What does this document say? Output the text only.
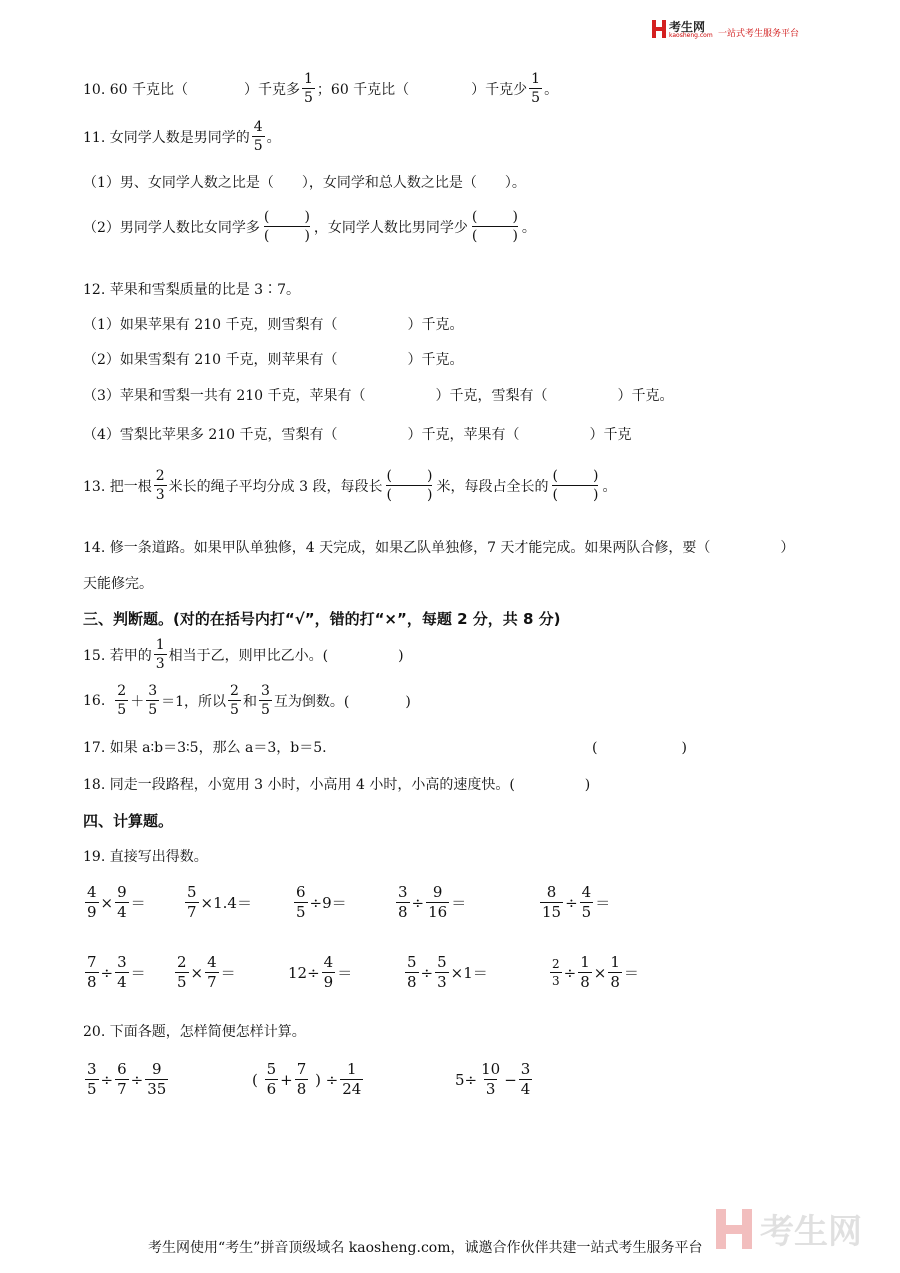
考生网
kaosheng.com 一站式考生服务平台
10. 60 千克比（	）千克多 $\frac{1}{5}$ ；60 千克比（	）千克少 $\frac{1}{5}$ 。
11. 女同学人数是男同学的 $\frac{4}{5}$ 。
（1）男、女同学人数之比是（　　），女同学和总人数之比是（　　）。
（2）男同学人数比女同学多
(	)
(	)
，女同学人数比男同学少
(	)
(	)
。
12. 苹果和雪梨质量的比是 3∶7。
（1）如果苹果有 210 千克，则雪梨有（　　　　　）千克。
（2）如果雪梨有 210 千克，则苹果有（　　　　　）千克。
（3）苹果和雪梨一共有 210 千克，苹果有（　　　　　）千克，雪梨有（　　　　　）千克。
（4）雪梨比苹果多 210 千克，雪梨有（　　　　　）千克，苹果有（　　　　　）千克
13. 把一根 $\frac{2}{3}$ 米长的绳子平均分成 3 段，每段长
(	)
(	)
米，每段占全长的
(	)
(	)
。
14. 修一条道路。如果甲队单独修，4 天完成，如果乙队单独修，7 天才能完成。如果两队合修，要（　　　　　）
天能修完。
三、判断题。(对的在括号内打“√”，错的打“×”，每题 2 分，共 8 分)
15. 若甲的 $\frac{1}{3}$ 相当于乙，则甲比乙小。(　　　　　)
16. $\frac{2}{5} + \frac{3}{5} =1$，所以 $\frac{2}{5}$ 和 $\frac{3}{5}$ 互为倒数。(　　　　)
17. 如果 a∶b＝3∶5，那么 a＝3，b＝5.	(　　　　　　)
18. 同走一段路程，小宽用 3 小时，小高用 4 小时，小高的速度快。(　　　　　)
四、计算题。
19. 直接写出得数。
$\frac{4}{9} \times \frac{9}{4}$ ＝	$\frac{5}{7} \times 1.4=$	$\frac{6}{5} \div 9=$	$\frac{3}{8} \div \frac{9}{16}$ ＝	$\frac{8}{15} \div \frac{4}{5}$ ＝
$\frac{7}{8} \div \frac{3}{4} = \frac{2}{5} \times \frac{4}{7}$ ＝	$12\div \frac{4}{9}$ ＝	$\frac{5}{8} \div \frac{5}{3} \times 1=$	$\frac{2}{3} \div \frac{1}{8} \times \frac{1}{8}$ ＝
20. 下面各题，怎样简便怎样计算。
$\frac{3}{5} \div \frac{6}{7} \div \frac{9}{35}$	( $\frac{5}{6} + \frac{7}{8}$ ) ÷ $\frac{1}{24}$	$5\div \frac{10}{3} - \frac{3}{4}$
考生网
考生网使用“考生”拼音顶级域名 kaosheng.com，诚邀合作伙伴共建一站式考生服务平台
